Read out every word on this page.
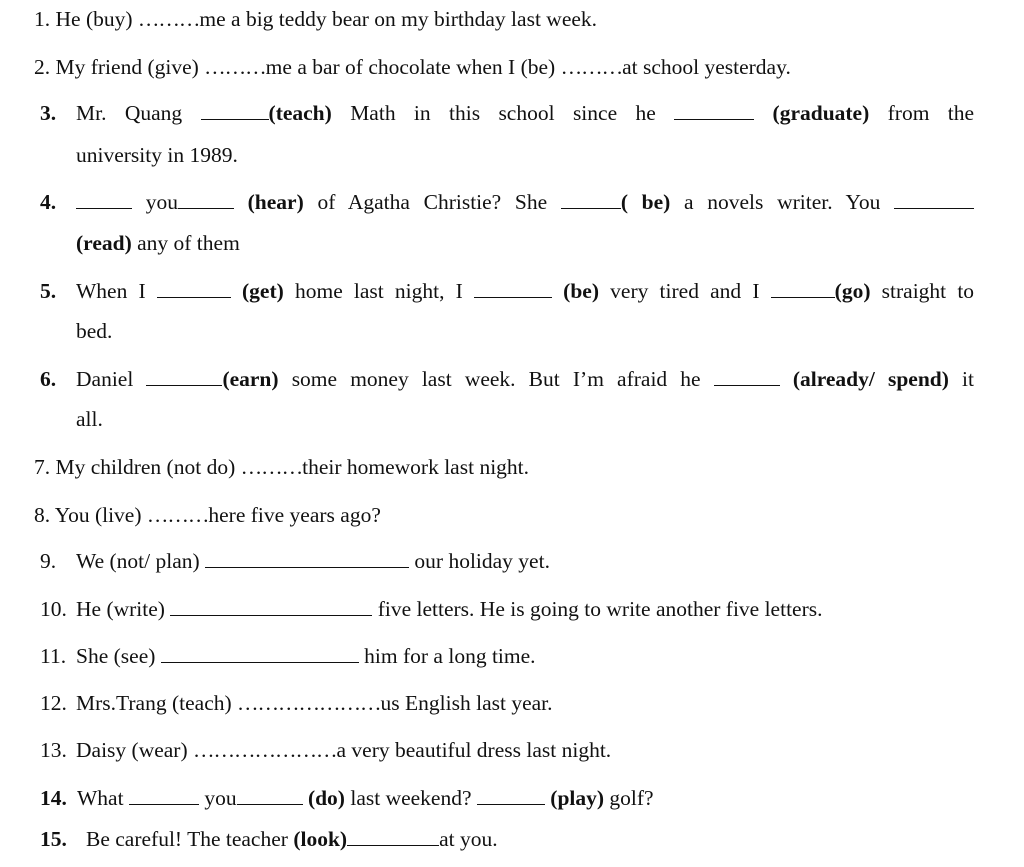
1. He (buy) ………me a big teddy bear on my birthday last week.
2. My friend (give) ………me a bar of chocolate when I (be) ………at school yesterday.
3. Mr. Quang	(teach) Math in this school since he	(graduate) from the
university in 1989.
4.	you	(hear) of Agatha Christie? She	( be) a novels writer. You
(read) any of them
5. When I	(get) home last night, I	(be) very tired and I	(go) straight to
bed.
6. Daniel	(earn) some money last week. But I’m afraid he	(already/ spend) it
all.
7. My children (not do) ………their homework last night.
8. You (live) ………here five years ago?
9. We (not/ plan)	our holiday yet.
10. He (write)	five letters. He is going to write another five letters.
11. She (see)	him for a long time.
12. Mrs.Trang (teach) …………………us English last year.
13. Daisy (wear) …………………a very beautiful dress last night.
14. What	you	(do) last weekend?	(play) golf?
15. Be careful! The teacher (look)	at you.
